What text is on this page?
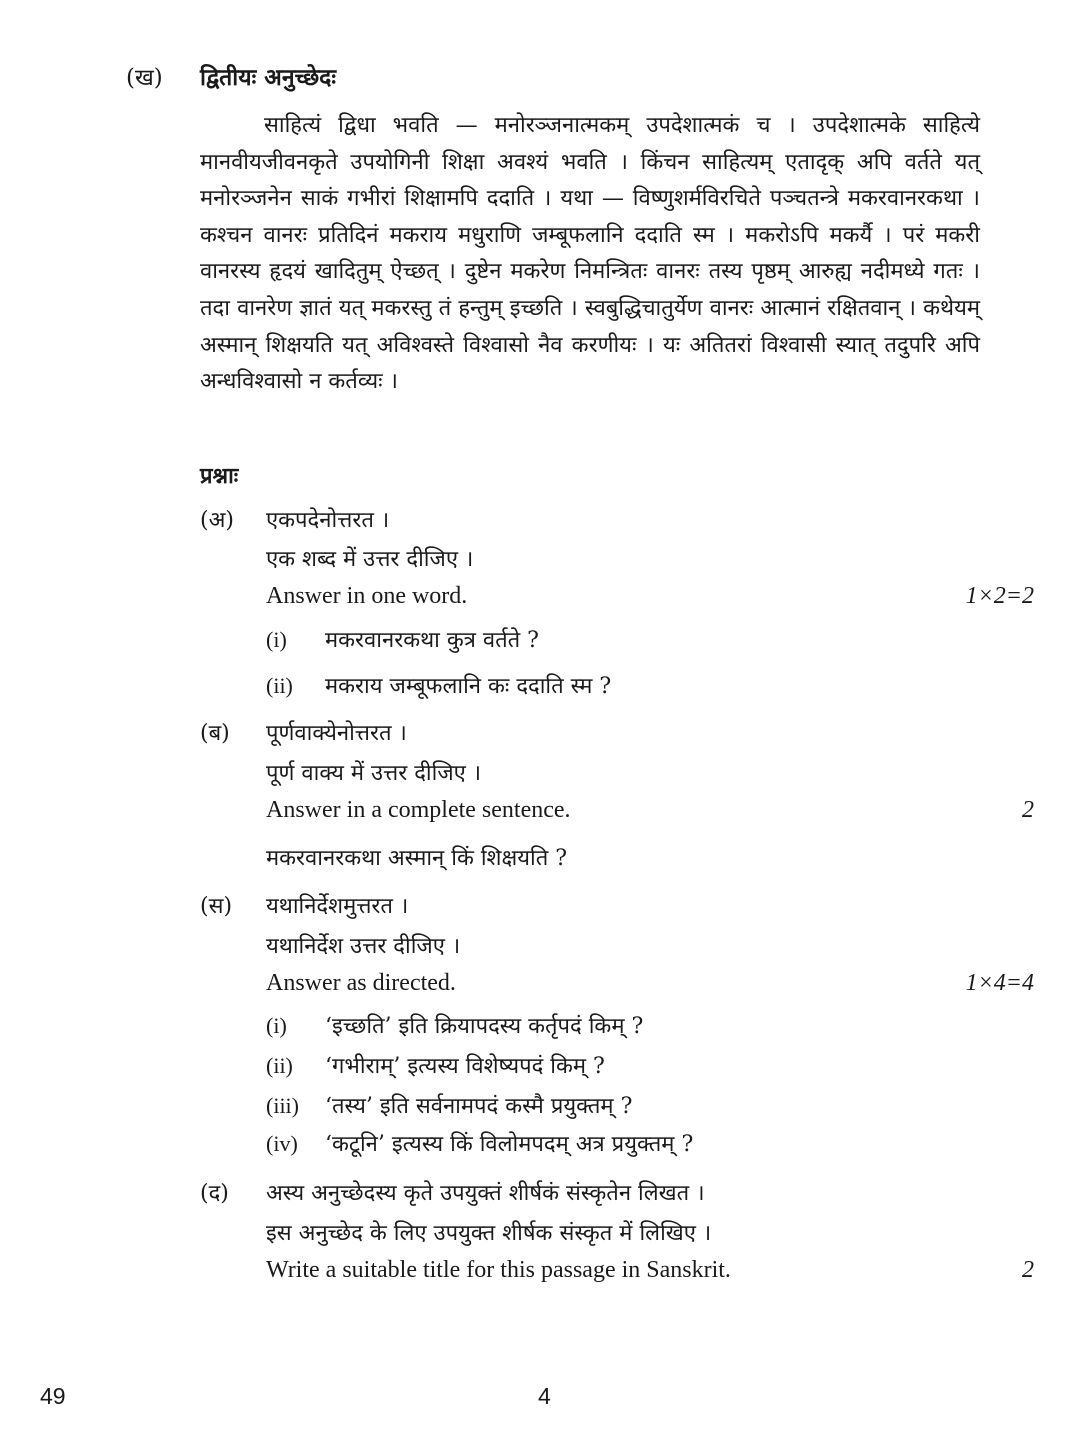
(ख) द्वितीयः अनुच्छेदः

साहित्यं द्विधा भवति — मनोरञ्जनात्मकम् उपदेशात्मकं च । उपदेशात्मके साहित्ये मानवीयजीवनकृते उपयोगिनी शिक्षा अवश्यं भवति । किंचन साहित्यम् एतादृक् अपि वर्तते यत् मनोरञ्जनेन साकं गभीरां शिक्षामपि ददाति । यथा — विष्णुशर्मविरचिते पञ्चतन्त्रे मकरवानरकथा । कश्चन वानरः प्रतिदिनं मकराय मधुराणि जम्बूफलानि ददाति स्म । मकरोऽपि मकर्यै । परं मकरी वानरस्य हृदयं खादितुम् ऐच्छत् । दुष्टेन मकरेण निमन्त्रितः वानरः तस्य पृष्ठम् आरुह्य नदीमध्ये गतः । तदा वानरेण ज्ञातं यत् मकरस्तु तं हन्तुम् इच्छति । स्वबुद्धिचातुर्येण वानरः आत्मानं रक्षितवान् । कथेयम् अस्मान् शिक्षयति यत् अविश्वस्ते विश्वासो नैव करणीयः । यः अतितरां विश्वासी स्यात् तदुपरि अपि अन्धविश्वासो न कर्तव्यः ।

प्रश्नाः
(अ) एकपदेनोत्तरत ।
एक शब्द में उत्तर दीजिए ।
Answer in one word.	1×2=2
(i) मकरवानरकथा कुत्र वर्तते ?
(ii) मकराय जम्बूफलानि कः ददाति स्म ?
(ब) पूर्णवाक्येनोत्तरत ।
पूर्ण वाक्य में उत्तर दीजिए ।
Answer in a complete sentence.	2
मकरवानरकथा अस्मान् किं शिक्षयति ?
(स) यथानिर्देशमुत्तरत ।
यथानिर्देश उत्तर दीजिए ।
Answer as directed.	1×4=4
(i) ‘इच्छति’ इति क्रियापदस्य कर्तृपदं किम् ?
(ii) ‘गभीराम्’ इत्यस्य विशेष्यपदं किम् ?
(iii) ‘तस्य’ इति सर्वनामपदं कस्मै प्रयुक्तम् ?
(iv) ‘कटूनि’ इत्यस्य किं विलोमपदम् अत्र प्रयुक्तम् ?
(द) अस्य अनुच्छेदस्य कृते उपयुक्तं शीर्षकं संस्कृतेन लिखत ।
इस अनुच्छेद के लिए उपयुक्त शीर्षक संस्कृत में लिखिए ।
Write a suitable title for this passage in Sanskrit.	2
49	4
